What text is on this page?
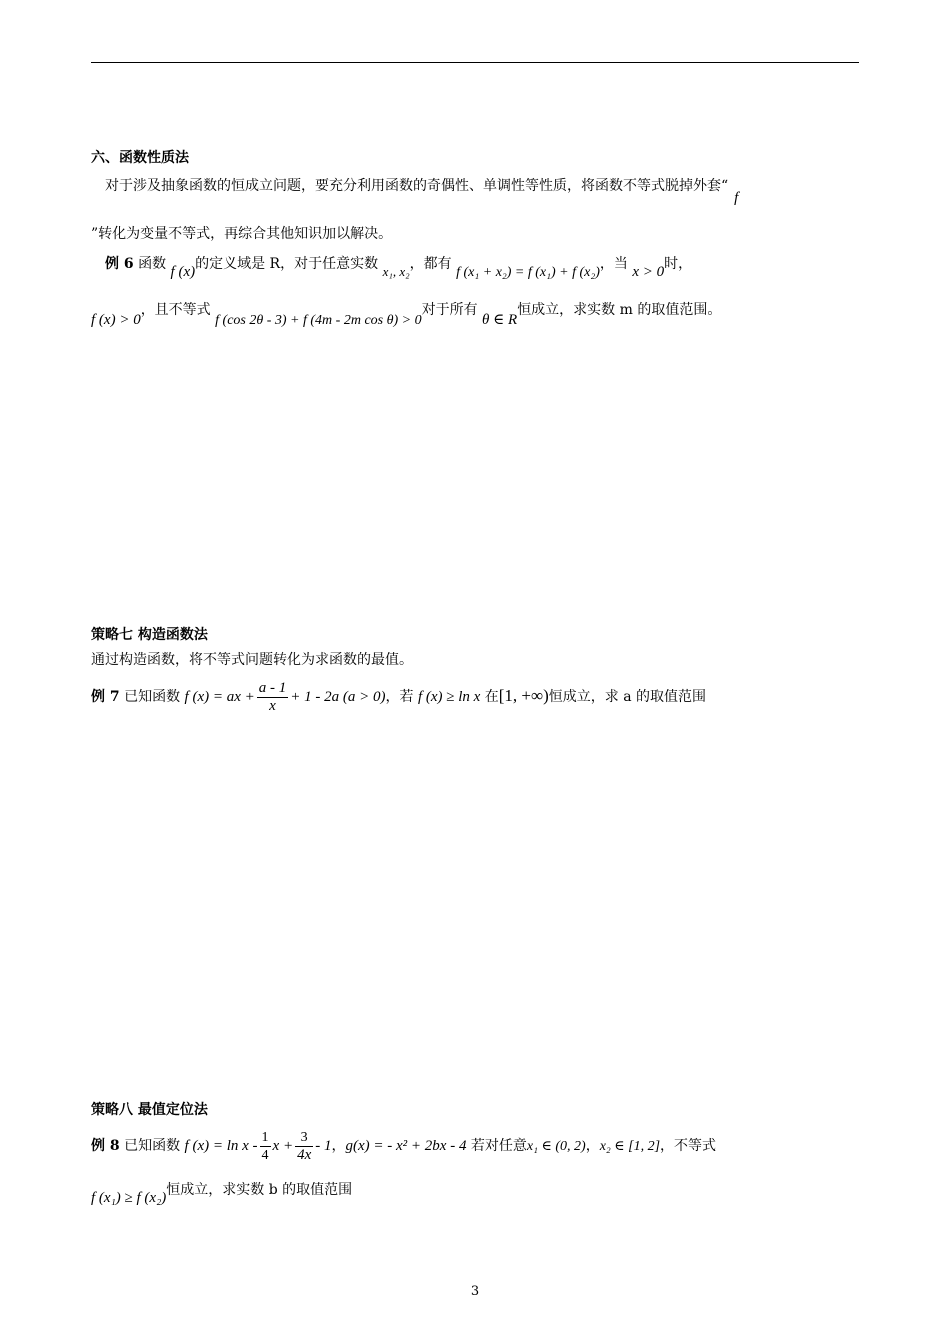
六、函数性质法
对于涉及抽象函数的恒成立问题，要充分利用函数的奇偶性、单调性等性质，将函数不等式脱掉外套“f
”转化为变量不等式，再综合其他知识加以解决。
例 6 函数 f (x)的定义域是 R，对于任意实数 x₁, x₂，都有 f (x₁ + x₂) = f (x₁) + f (x₂)，当 x > 0时，
f (x) > 0，且不等式 f (cos 2θ - 3) + f (4m - 2m cos θ) > 0对于所有 θ ∈ R恒成立，求实数 m 的取值范围。
策略七 构造函数法
通过构造函数，将不等式问题转化为求函数的最值。
例 7 已知函数 f (x) = ax + $\frac{a - 1}{x} + 1 - 2a$ (a > 0)，若 f (x) ≥ ln x 在[1, +∞)恒成立，求 a 的取值范围
策略八 最值定位法
例 8 已知函数 f $(x) = \ln x - \frac{1}{4}$ $x + \frac{3}{4x} - 1$，g(x) = - x² + 2bx - 4 若对任意x₁ ∈ (0, 2)，x₂ ∈ [1, 2]，不等式
f (x₁) ≥ f (x₂)恒成立，求实数 b 的取值范围
3
